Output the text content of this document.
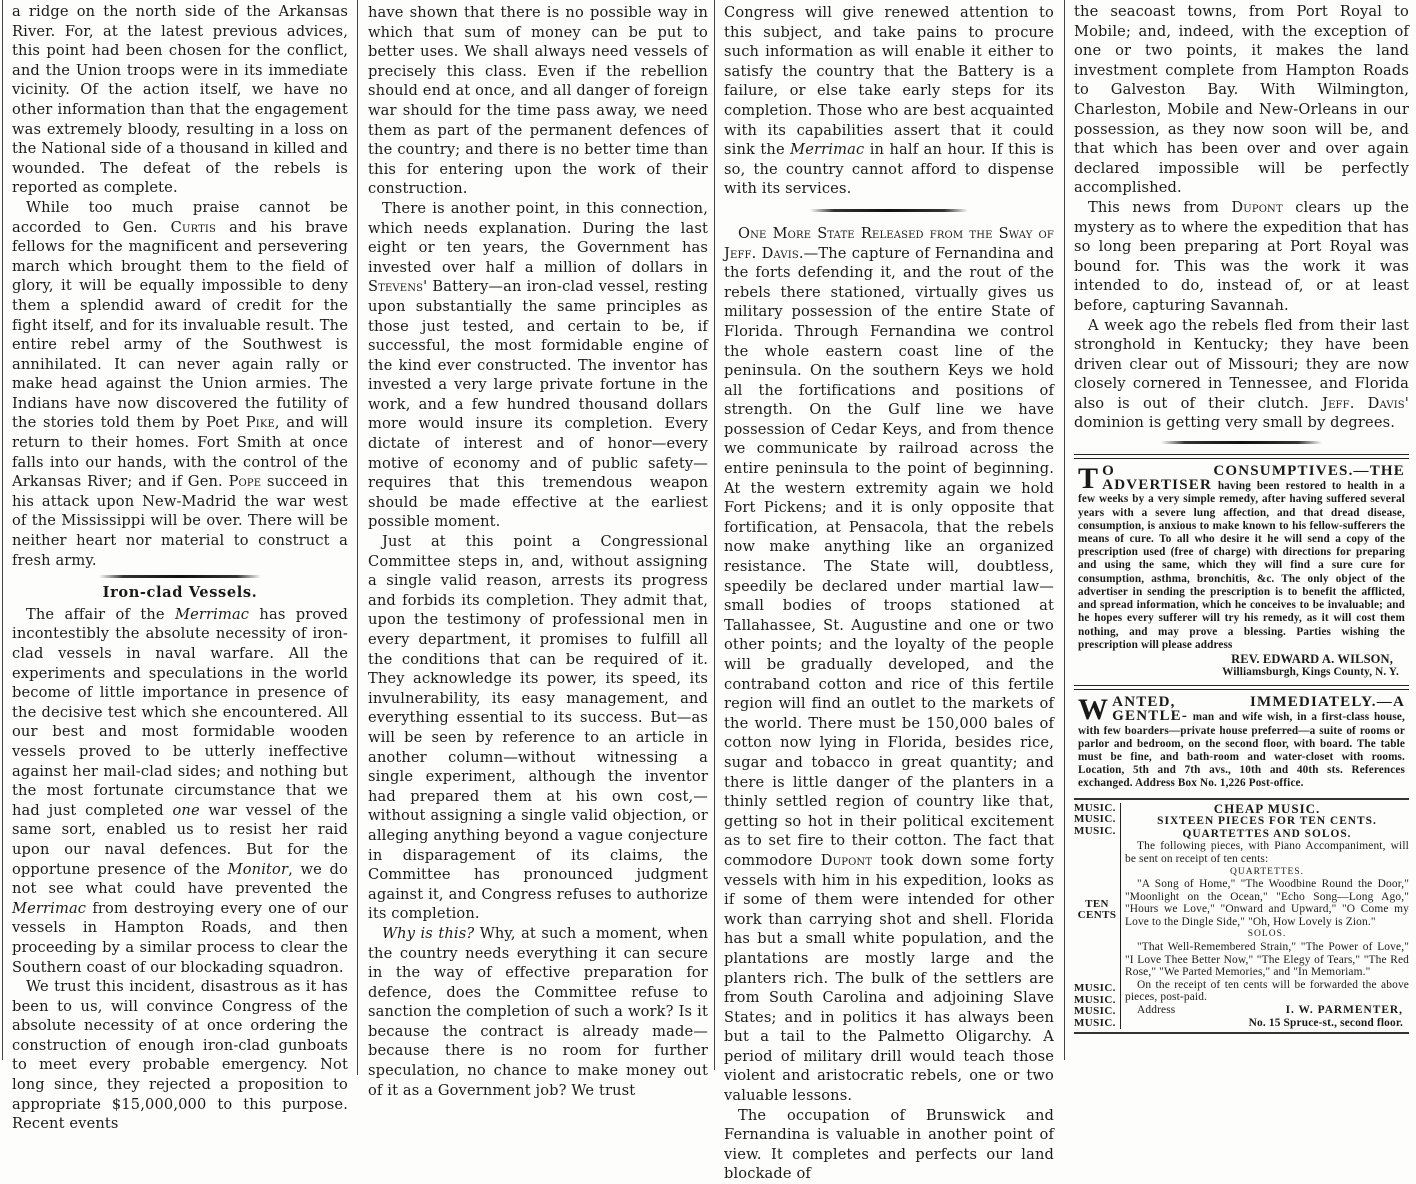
a ridge on the north side of the Arkansas River. For, at the latest previous advices, this point had been chosen for the conflict, and the Union troops were in its immediate vicinity. Of the action itself, we have no other information than that the engagement was extremely bloody, resulting in a loss on the National side of a thousand in killed and wounded. The defeat of the rebels is reported as complete.

While too much praise cannot be accorded to Gen. Curtis and his brave fellows for the magnificent and persevering march which brought them to the field of glory, it will be equally impossible to deny them a splendid award of credit for the fight itself, and for its invaluable result. The entire rebel army of the Southwest is annihilated. It can never again rally or make head against the Union armies. The Indians have now discovered the futility of the stories told them by Poet Pike, and will return to their homes. Fort Smith at once falls into our hands, with the control of the Arkansas River; and if Gen. Pope succeed in his attack upon New-Madrid the war west of the Mississippi will be over. There will be neither heart nor material to construct a fresh army.

Iron-clad Vessels.

The affair of the Merrimac has proved incontestibly the absolute necessity of iron-clad vessels in naval warfare. All the experiments and speculations in the world become of little importance in presence of the decisive test which she encountered. All our best and most formidable wooden vessels proved to be utterly ineffective against her mail-clad sides; and nothing but the most fortunate circumstance that we had just completed one war vessel of the same sort, enabled us to resist her raid upon our naval defences. But for the opportune presence of the Monitor, we do not see what could have prevented the Merrimac from destroying every one of our vessels in Hampton Roads, and then proceeding by a similar process to clear the Southern coast of our blockading squadron.

We trust this incident, disastrous as it has been to us, will convince Congress of the absolute necessity of at once ordering the construction of enough iron-clad gunboats to meet every probable emergency. Not long since, they rejected a proposition to appropriate $15,000,000 to this purpose. Recent events

have shown that there is no possible way in which that sum of money can be put to better uses. We shall always need vessels of precisely this class. Even if the rebellion should end at once, and all danger of foreign war should for the time pass away, we need them as part of the permanent defences of the country; and there is no better time than this for entering upon the work of their construction.

There is another point, in this connection, which needs explanation. During the last eight or ten years, the Government has invested over half a million of dollars in Stevens' Battery—an iron-clad vessel, resting upon substantially the same principles as those just tested, and certain to be, if successful, the most formidable engine of the kind ever constructed. The inventor has invested a very large private fortune in the work, and a few hundred thousand dollars more would insure its completion. Every dictate of interest and of honor—every motive of economy and of public safety—requires that this tremendous weapon should be made effective at the earliest possible moment.

Just at this point a Congressional Committee steps in, and, without assigning a single valid reason, arrests its progress and forbids its completion. They admit that, upon the testimony of professional men in every department, it promises to fulfill all the conditions that can be required of it. They acknowledge its power, its speed, its invulnerability, its easy management, and everything essential to its success. But—as will be seen by reference to an article in another column—without witnessing a single experiment, although the inventor had prepared them at his own cost,—without assigning a single valid objection, or alleging anything beyond a vague conjecture in disparagement of its claims, the Committee has pronounced judgment against it, and Congress refuses to authorize its completion.

Why is this? Why, at such a moment, when the country needs everything it can secure in the way of effective preparation for defence, does the Committee refuse to sanction the completion of such a work? Is it because the contract is already made—because there is no room for further speculation, no chance to make money out of it as a Government job? We trust

Congress will give renewed attention to this subject, and take pains to procure such information as will enable it either to satisfy the country that the Battery is a failure, or else take early steps for its completion. Those who are best acquainted with its capabilities assert that it could sink the Merrimac in half an hour. If this is so, the country cannot afford to dispense with its services.

One More State Released from the Sway of Jeff. Davis.—The capture of Fernandina and the forts defending it, and the rout of the rebels there stationed, virtually gives us military possession of the entire State of Florida. Through Fernandina we control the whole eastern coast line of the peninsula. On the southern Keys we hold all the fortifications and positions of strength. On the Gulf line we have possession of Cedar Keys, and from thence we communicate by railroad across the entire peninsula to the point of beginning. At the western extremity again we hold Fort Pickens; and it is only opposite that fortification, at Pensacola, that the rebels now make anything like an organized resistance. The State will, doubtless, speedily be declared under martial law—small bodies of troops stationed at Tallahassee, St. Augustine and one or two other points; and the loyalty of the people will be gradually developed, and the contraband cotton and rice of this fertile region will find an outlet to the markets of the world. There must be 150,000 bales of cotton now lying in Florida, besides rice, sugar and tobacco in great quantity; and there is little danger of the planters in a thinly settled region of country like that, getting so hot in their political excitement as to set fire to their cotton. The fact that commodore Dupont took down some forty vessels with him in his expedition, looks as if some of them were intended for other work than carrying shot and shell. Florida has but a small white population, and the plantations are mostly large and the planters rich. The bulk of the settlers are from South Carolina and adjoining Slave States; and in politics it has always been but a tail to the Palmetto Oligarchy. A period of military drill would teach those violent and aristocratic rebels, one or two valuable lessons.

The occupation of Brunswick and Fernandina is valuable in another point of view. It completes and perfects our land blockade of

the seacoast towns, from Port Royal to Mobile; and, indeed, with the exception of one or two points, it makes the land investment complete from Hampton Roads to Galveston Bay. With Wilmington, Charleston, Mobile and New-Orleans in our possession, as they now soon will be, and that which has been over and over again declared impossible will be perfectly accomplished.

This news from Dupont clears up the mystery as to where the expedition that has so long been preparing at Port Royal was bound for. This was the work it was intended to do, instead of, or at least before, capturing Savannah.

A week ago the rebels fled from their last stronghold in Kentucky; they have been driven clear out of Missouri; they are now closely cornered in Tennessee, and Florida also is out of their clutch. Jeff. Davis' dominion is getting very small by degrees.

T O CONSUMPTIVES.—THE ADVERTISER having been restored to health in a few weeks by a very simple remedy, after having suffered several years with a severe lung affection, and that dread disease, consumption, is anxious to make known to his fellow-sufferers the means of cure. To all who desire it he will send a copy of the prescription used (free of charge) with directions for preparing and using the same, which they will find a sure cure for consumption, asthma, bronchitis, &c. The only object of the advertiser in sending the prescription is to benefit the afflicted, and spread information, which he conceives to be invaluable; and he hopes every sufferer will try his remedy, as it will cost them nothing, and may prove a blessing. Parties wishing the prescription will please address
REV. EDWARD A. WILSON,
Williamsburgh, Kings County, N. Y.
W ANTED, IMMEDIATELY.—A GENTLE- man and wife wish, in a first-class house, with few boarders—private house preferred—a suite of rooms or parlor and bedroom, on the second floor, with board. The table must be fine, and bath-room and water-closet with rooms. Location, 5th and 7th avs., 10th and 40th sts. References exchanged. Address Box No. 1,226 Post-office.
MUSIC.
MUSIC.
MUSIC.
TEN
CENTS
MUSIC.
MUSIC.
MUSIC.
MUSIC.
CHEAP MUSIC.
SIXTEEN PIECES FOR TEN CENTS.
QUARTETTES AND SOLOS.
The following pieces, with Piano Accompaniment, will be sent on receipt of ten cents:
QUARTETTES.
"A Song of Home," "The Woodbine Round the Door," "Moonlight on the Ocean," "Echo Song—Long Ago," "Hours we Love," "Onward and Upward," "O Come my Love to the Dingle Side," "Oh, How Lovely is Zion."
SOLOS.
"That Well-Remembered Strain," "The Power of Love," "I Love Thee Better Now," "The Elegy of Tears," "The Red Rose," "We Parted Memories," and "In Memoriam."
On the receipt of ten cents will be forwarded the above pieces, post-paid.
Address	I. W. PARMENTER,
No. 15 Spruce-st., second floor.
